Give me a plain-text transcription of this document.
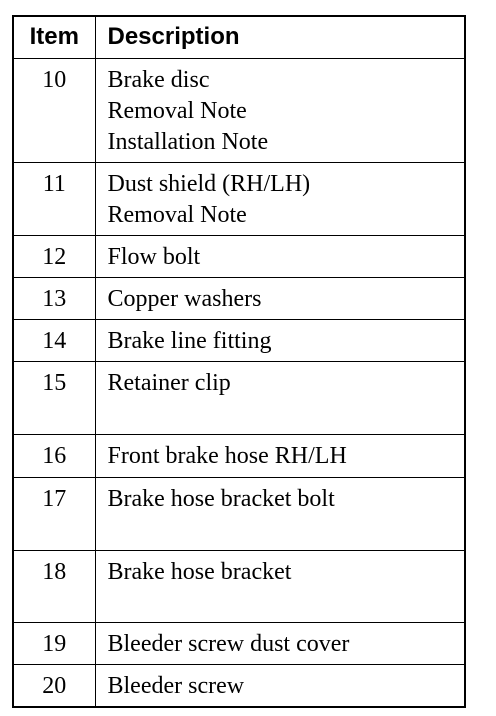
Item	Description
10	Brake disc
Removal Note
Installation Note

11	Dust shield (RH/LH)
Removal Note

12	Flow bolt

13	Copper washers

14	Brake line fitting

15	Retainer clip

16	Front brake hose RH/LH

17	Brake hose bracket bolt

18	Brake hose bracket

19	Bleeder screw dust cover

20	Bleeder screw
